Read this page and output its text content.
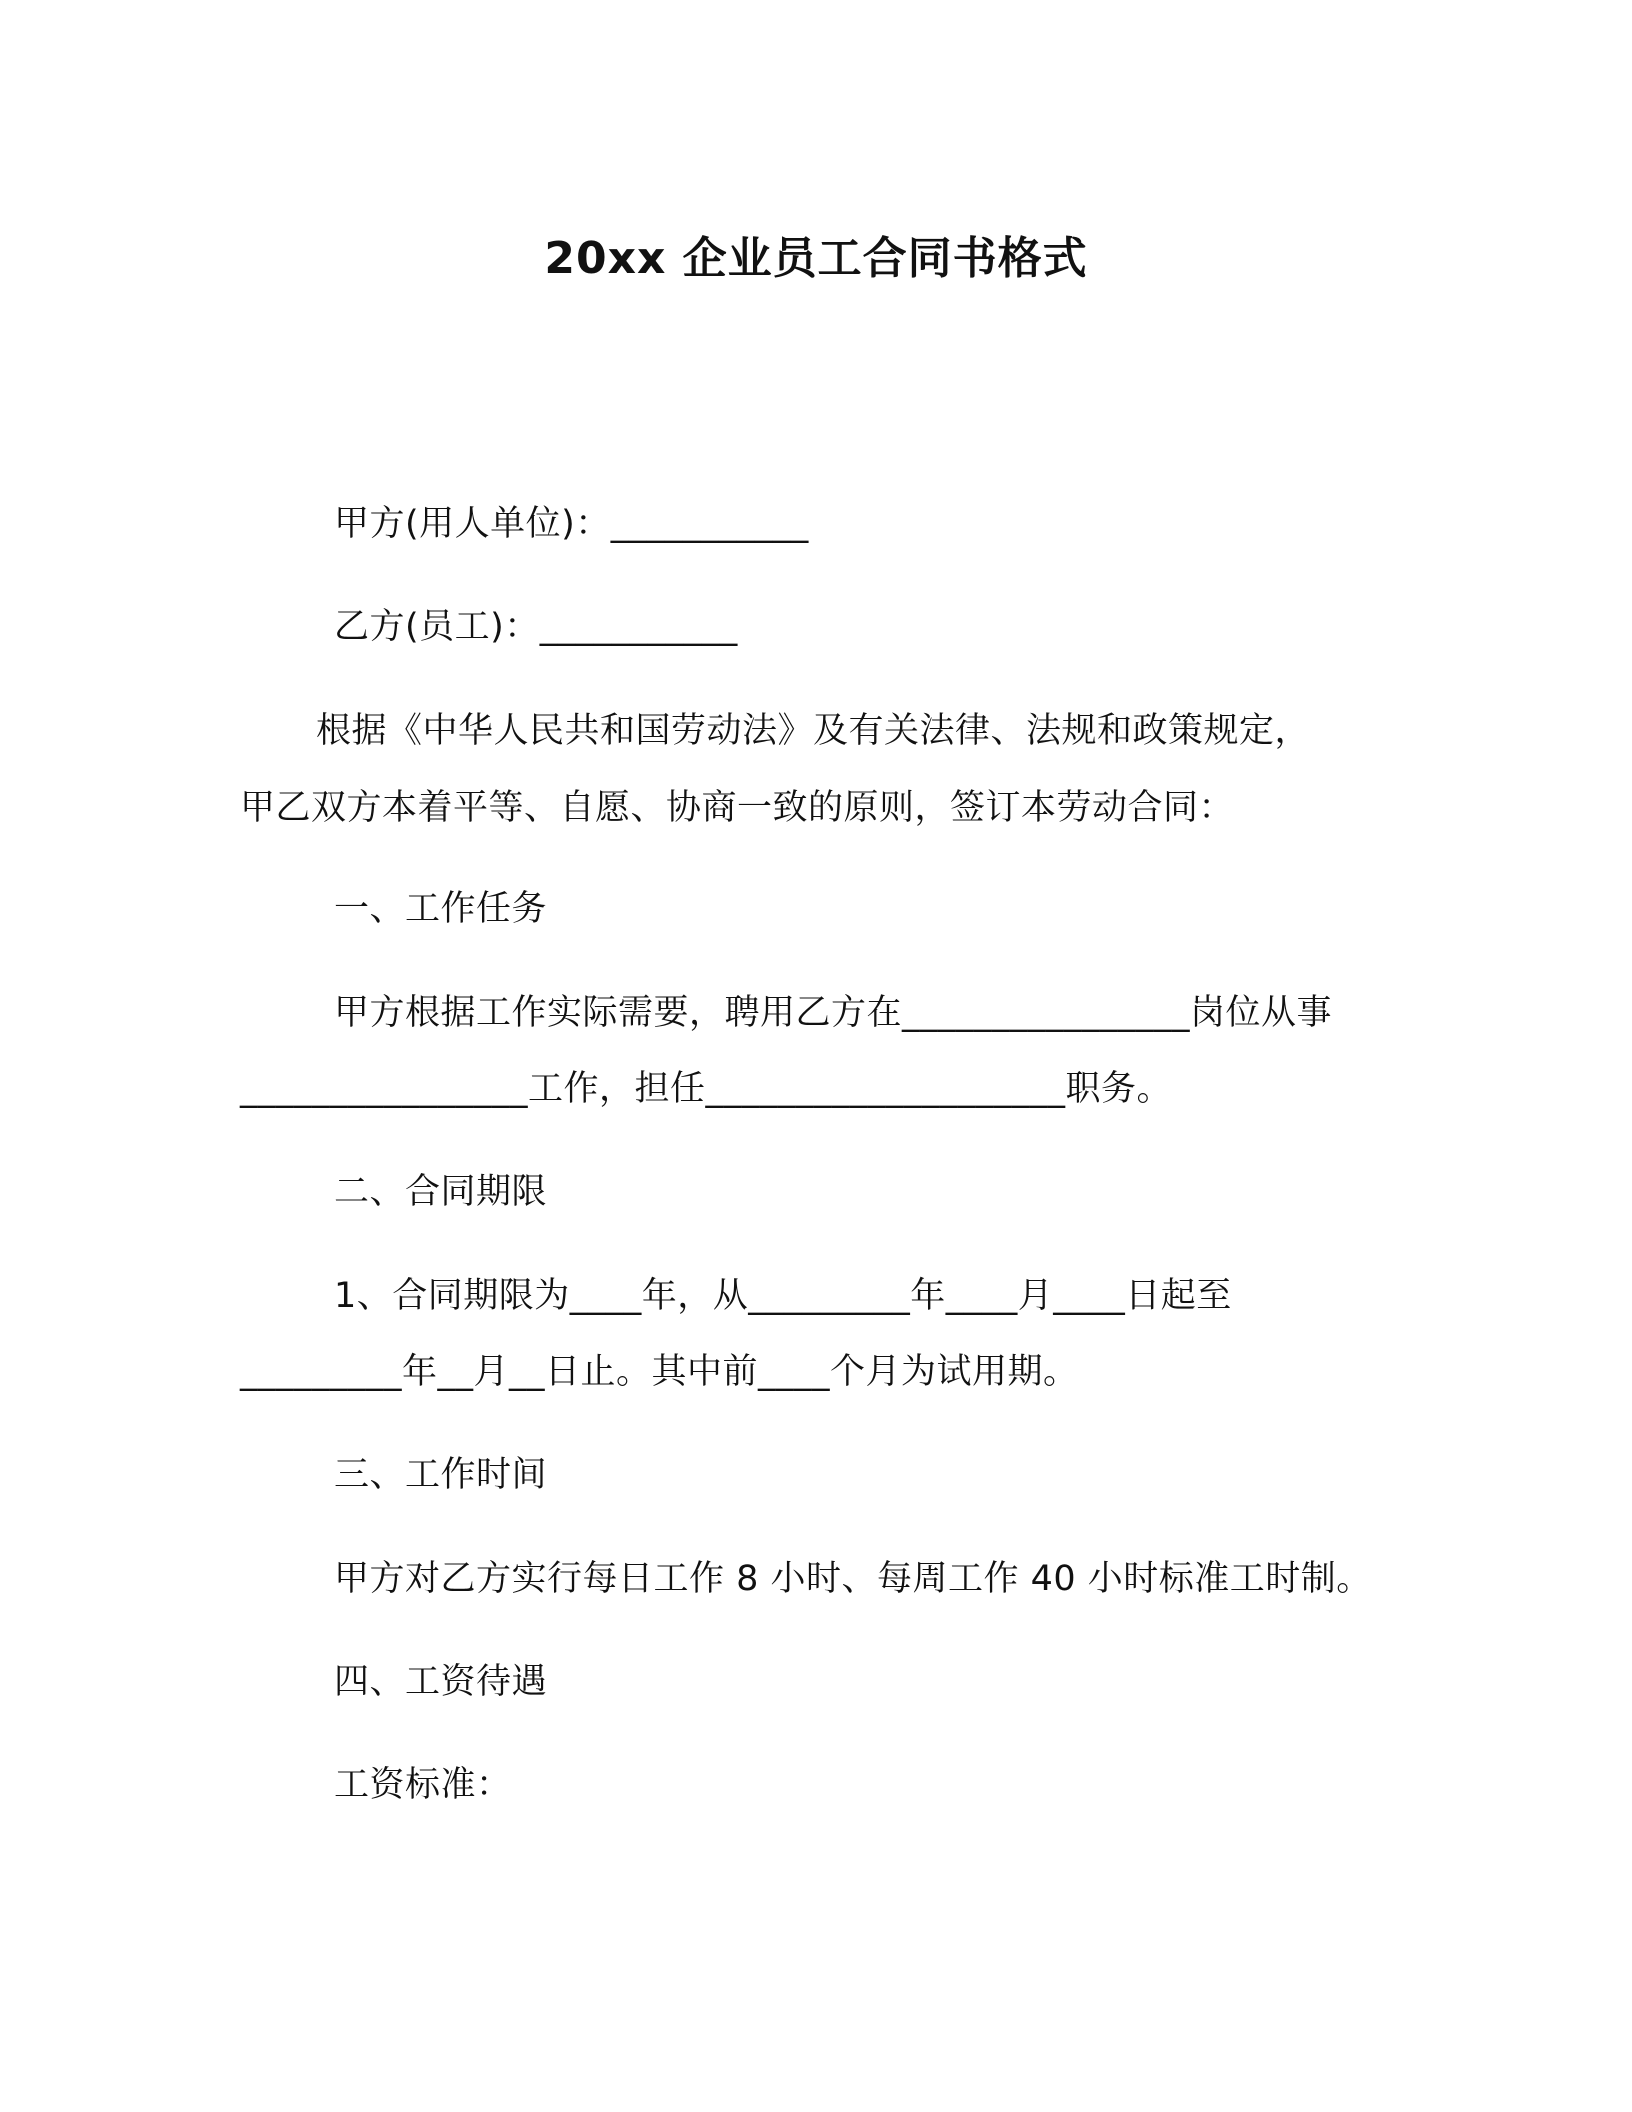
20xx 企业员工合同书格式
甲方(用人单位)：___________
乙方(员工)：___________
根据《中华人民共和国劳动法》及有关法律、法规和政策规定，
甲乙双方本着平等、自愿、协商一致的原则，签订本劳动合同：
一、工作任务
甲方根据工作实际需要，聘用乙方在________________岗位从事
________________工作，担任____________________职务。
二、合同期限
1、合同期限为____年，从_________年____月____日起至
_________年__月__日止。其中前____个月为试用期。
三、工作时间
甲方对乙方实行每日工作 8 小时、每周工作 40 小时标准工时制。
四、工资待遇
工资标准：
